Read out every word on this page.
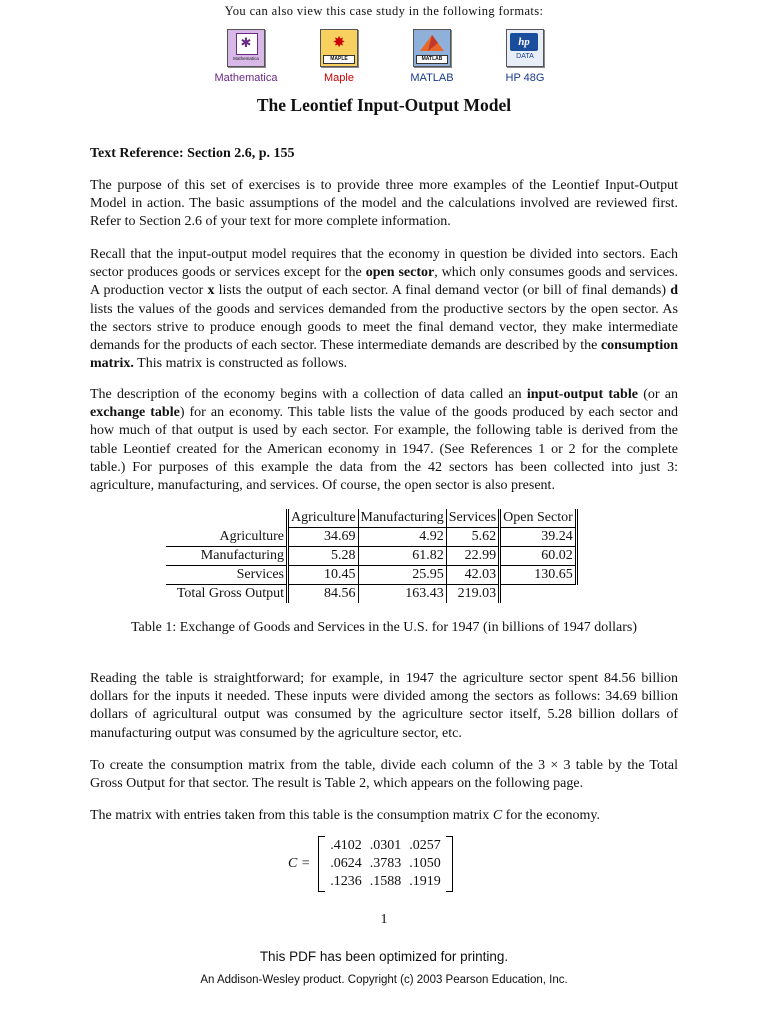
You can also view this case study in the following formats:
✱
Mathematica
Mathematica
✸
MAPLE
Maple
MATLAB
MATLAB
hp
DATA
HP 48G
The Leontief Input-Output Model
Text Reference: Section 2.6, p. 155
The purpose of this set of exercises is to provide three more examples of the Leontief Input-Output Model in action. The basic assumptions of the model and the calculations involved are reviewed first. Refer to Section 2.6 of your text for more complete information.
Recall that the input-output model requires that the economy in question be divided into sectors. Each sector produces goods or services except for the open sector, which only consumes goods and services. A production vector x lists the output of each sector. A final demand vector (or bill of final demands) d lists the values of the goods and services demanded from the productive sectors by the open sector. As the sectors strive to produce enough goods to meet the final demand vector, they make intermediate demands for the products of each sector. These intermediate demands are described by the consumption matrix. This matrix is constructed as follows.
The description of the economy begins with a collection of data called an input-output table (or an exchange table) for an economy. This table lists the value of the goods produced by each sector and how much of that output is used by each sector. For example, the following table is derived from the table Leontief created for the American economy in 1947. (See References 1 or 2 for the complete table.) For purposes of this example the data from the 42 sectors has been collected into just 3: agriculture, manufacturing, and services. Of course, the open sector is also present.
	Agriculture	Manufacturing	Services	Open Sector
Agriculture	34.69	4.92	5.62	39.24
Manufacturing	5.28	61.82	22.99	60.02
Services	10.45	25.95	42.03	130.65
Total Gross Output	84.56	163.43	219.03	
Table 1: Exchange of Goods and Services in the U.S. for 1947 (in billions of 1947 dollars)
Reading the table is straightforward; for example, in 1947 the agriculture sector spent 84.56 billion dollars for the inputs it needed. These inputs were divided among the sectors as follows: 34.69 billion dollars of agricultural output was consumed by the agriculture sector itself, 5.28 billion dollars of manufacturing output was consumed by the agriculture sector, etc.
To create the consumption matrix from the table, divide each column of the 3 × 3 table by the Total Gross Output for that sector. The result is Table 2, which appears on the following page.
The matrix with entries taken from this table is the consumption matrix C for the economy.
C =
.4102	.0301	.0257
.0624	.3783	.1050
.1236	.1588	.1919
1
This PDF has been optimized for printing.
An Addison-Wesley product. Copyright (c) 2003 Pearson Education, Inc.
